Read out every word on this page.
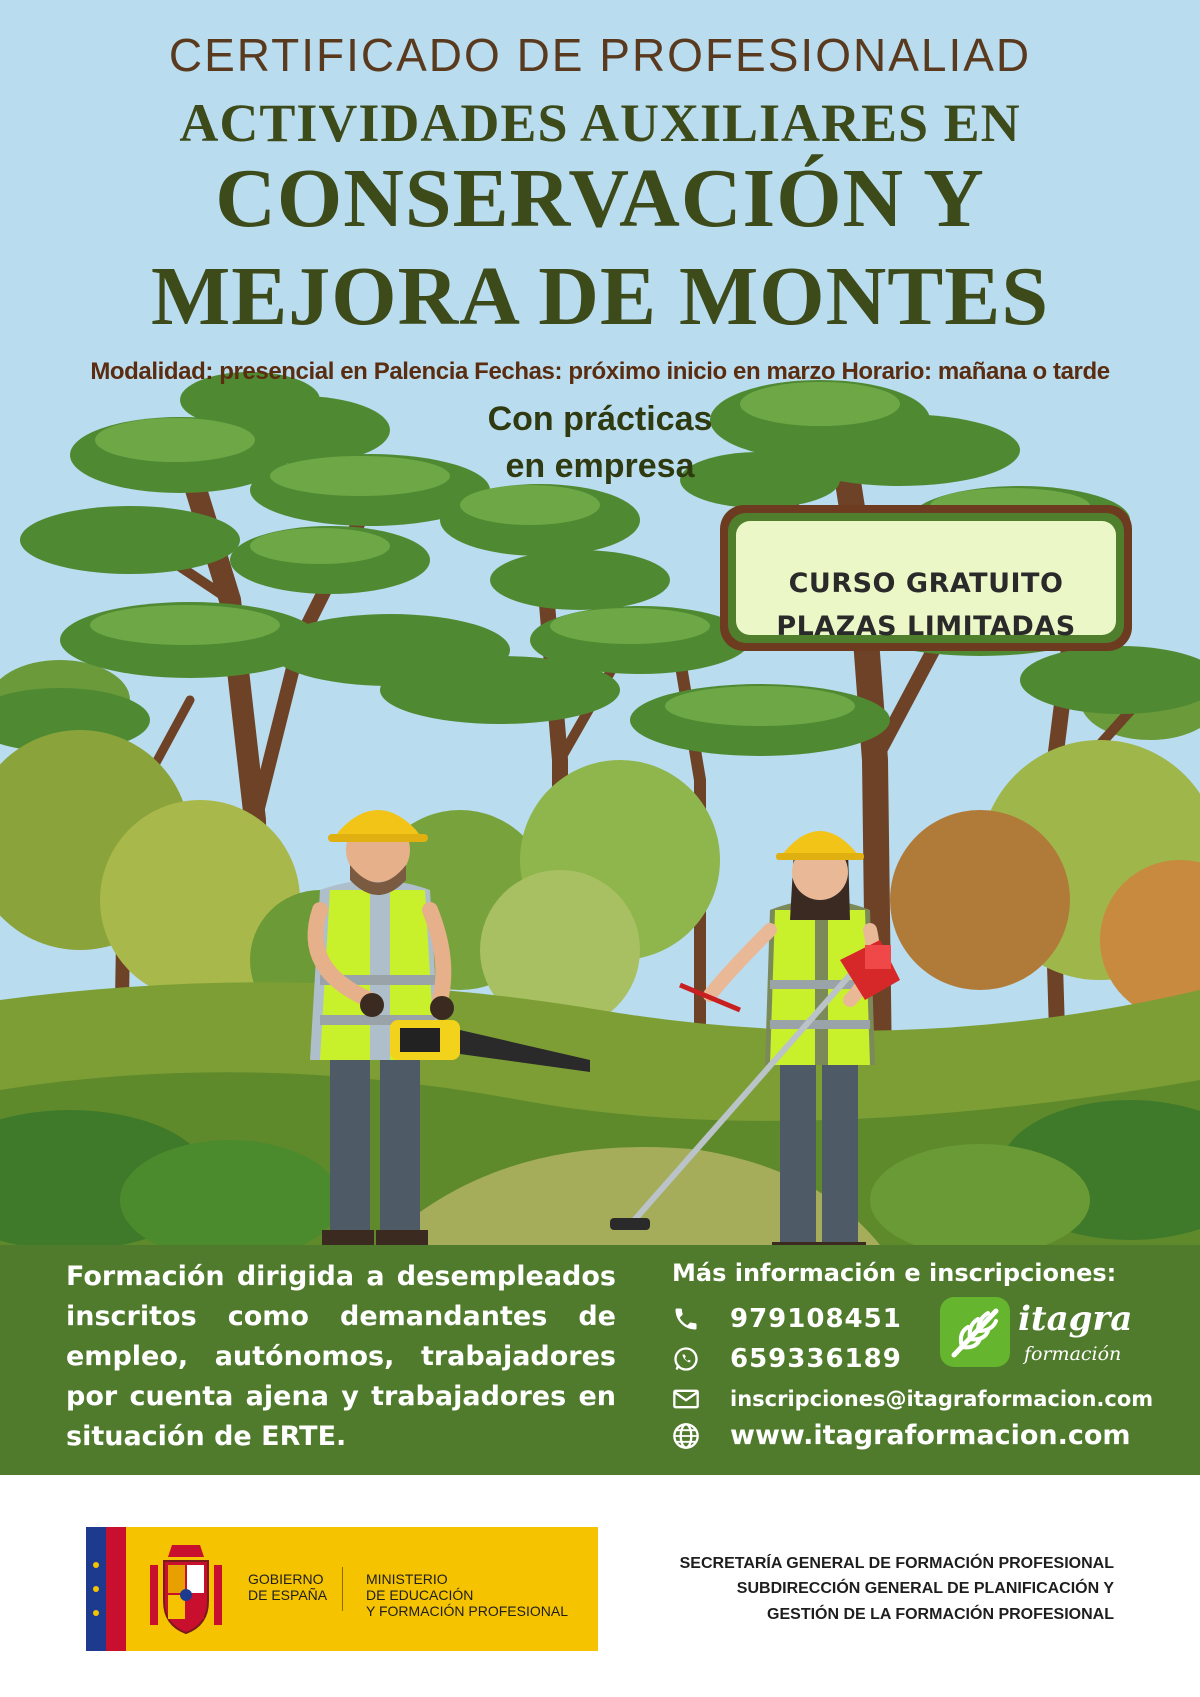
CERTIFICADO DE PROFESIONALIAD

ACTIVIDADES AUXILIARES EN

CONSERVACIÓN Y

MEJORA DE MONTES

Modalidad: presencial en Palencia Fechas: próximo inicio en marzo Horario: mañana o tarde

Con prácticas

en empresa

CURSO GRATUITO

PLAZAS LIMITADAS

Formación dirigida a desempleados
inscritos como demandantes de
empleo, autónomos, trabajadores
por cuenta ajena y trabajadores en
situación de ERTE.

Más información e inscripciones:

979108451
659336189
inscripciones@itagraformacion.com
www.itagraformacion.com

itagra

formación

GOBIERNO
DE ESPAÑA

MINISTERIO
DE EDUCACIÓN
Y FORMACIÓN PROFESIONAL

SECRETARÍA GENERAL DE FORMACIÓN PROFESIONAL

SUBDIRECCIÓN GENERAL DE PLANIFICACIÓN Y

GESTIÓN DE LA FORMACIÓN PROFESIONAL
